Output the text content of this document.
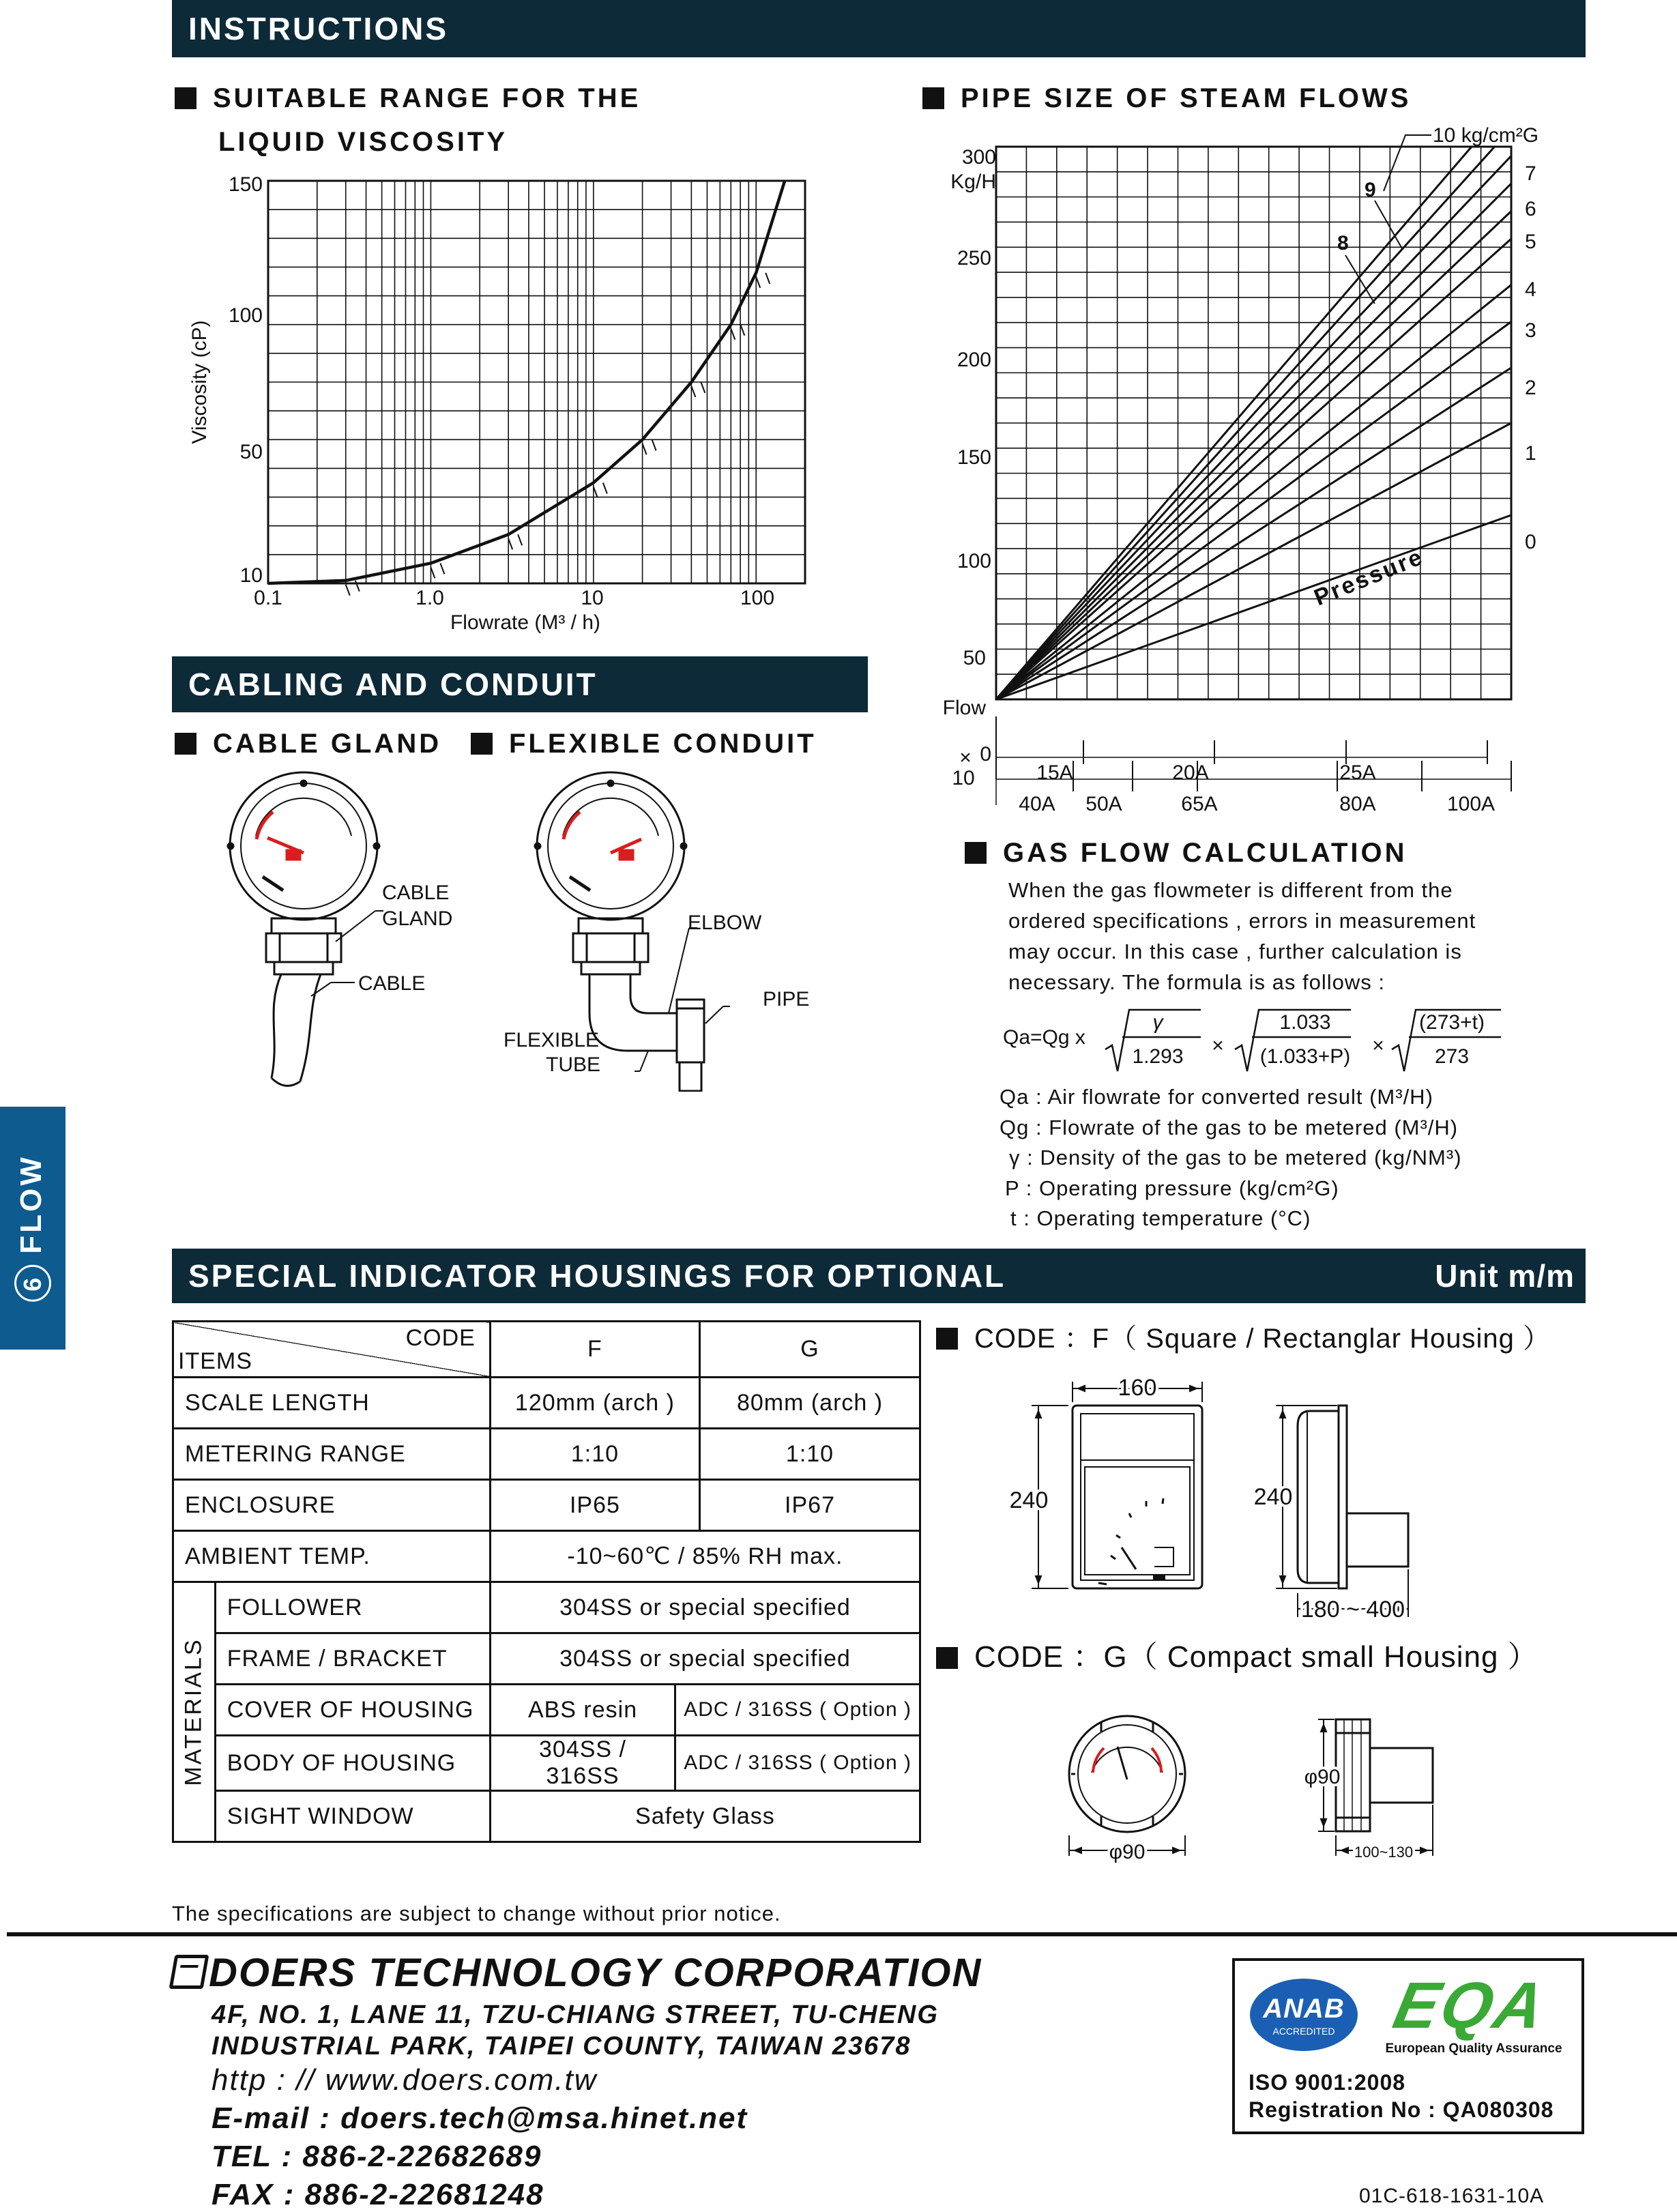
INSTRUCTIONS
SUITABLE RANGE FOR THE
LIQUID VISCOSITY
150
100
50
10
0.1	1.0	10	100
Flowrate (M³ / h)
Viscosity (cP)
PIPE SIZE OF STEAM FLOWS
300
Kg/H
250
200
150
100
50
Flow
0
×
10
10 kg/cm²G
9
8
7
6
5
4
3
2
1
0
Pressure
15A	20A	25A
40A 50A	65A	80A	100A
CABLING AND CONDUIT
CABLE GLAND	FLEXIBLE CONDUIT
CABLE
GLAND
CABLE
ELBOW
PIPE
FLEXIBLE
TUBE
GAS FLOW CALCULATION
When the gas flowmeter is different from the
ordered specifications , errors in measurement
may occur. In this case , further calculation is
necessary. The formula is as follows :
Qa=Qg x
γ
1.293 ×
1.033
(1.033+P) ×
(273+t)
273
Qa : Air flowrate for converted result (M³/H)
Qg : Flowrate of the gas to be metered (M³/H)
γ : Density of the gas to be metered (kg/NM³)
P : Operating pressure (kg/cm²G)
t : Operating temperature (°C)
6FLOW
SPECIAL INDICATOR HOUSINGS FOR OPTIONAL	Unit m/m
CODE
ITEMS		F		G
SCALE LENGTH		120mm (arch )		80mm (arch )
METERING RANGE		1:10		1:10
ENCLOSURE		IP65		IP67
AMBIENT TEMP.		-10~60℃ / 85% RH max.		

MATERIALS	FOLLOWER	304SS or special specified		
	FRAME / BRACKET	304SS or special specified		
	COVER OF HOUSING	ABS resin	ADC / 316SS ( Option )	
	BODY OF HOUSING	304SS / 316SS	ADC / 316SS ( Option )	
	SIGHT WINDOW	Safety Glass		
CODE ：F（ Square / Rectanglar Housing ）
160
240	240
180 ~ 400
CODE ：G（ Compact small Housing ）
φ90
φ90
100~130
The specifications are subject to change without prior notice.
DOERS TECHNOLOGY CORPORATION
4F, NO. 1, LANE 11, TZU-CHIANG STREET, TU-CHENG
INDUSTRIAL PARK, TAIPEI COUNTY, TAIWAN 23678
http : // www.doers.com.tw
E-mail : doers.tech@msa.hinet.net
TEL : 886-2-22682689
FAX : 886-2-22681248
ANAB
ACCREDITED EQA
European Quality Assurance
ISO 9001:2008
Registration No : QA080308
01C-618-1631-10A
